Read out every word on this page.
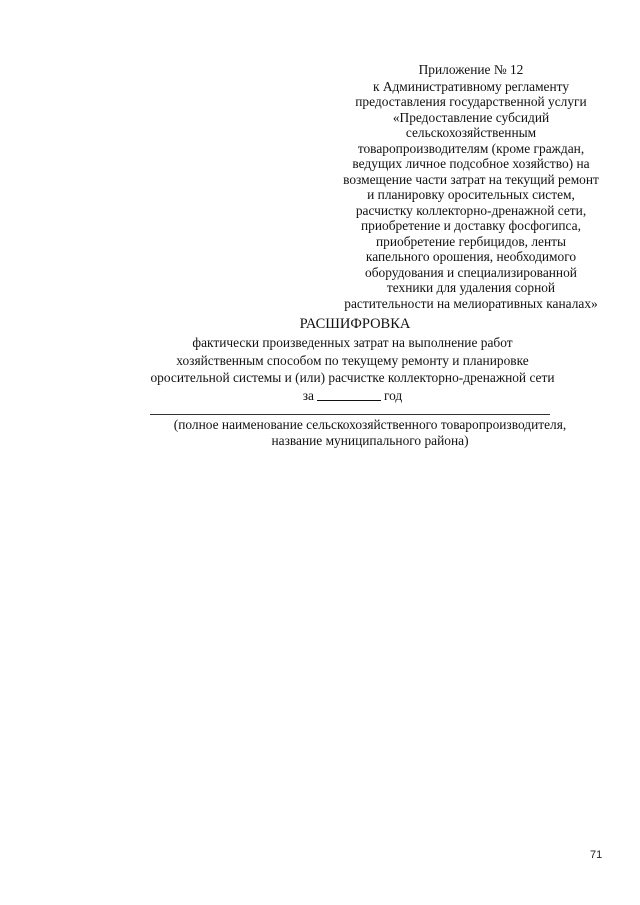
Приложение № 12
к Административному регламенту
предоставления государственной услуги
«Предоставление субсидий
сельскохозяйственным
товаропроизводителям (кроме граждан,
ведущих личное подсобное хозяйство) на
возмещение части затрат на текущий ремонт
и планировку оросительных систем,
расчистку коллекторно-дренажной сети,
приобретение и доставку фосфогипса,
приобретение гербицидов, ленты
капельного орошения, необходимого
оборудования и специализированной
техники для удаления сорной
растительности на мелиоративных каналах»
РАСШИФРОВКА
фактически произведенных затрат на выполнение работ
хозяйственным способом по текущему ремонту и планировке
оросительной системы и (или) расчистке коллекторно-дренажной сети
за	год
(полное наименование сельскохозяйственного товаропроизводителя,
название муниципального района)
71
